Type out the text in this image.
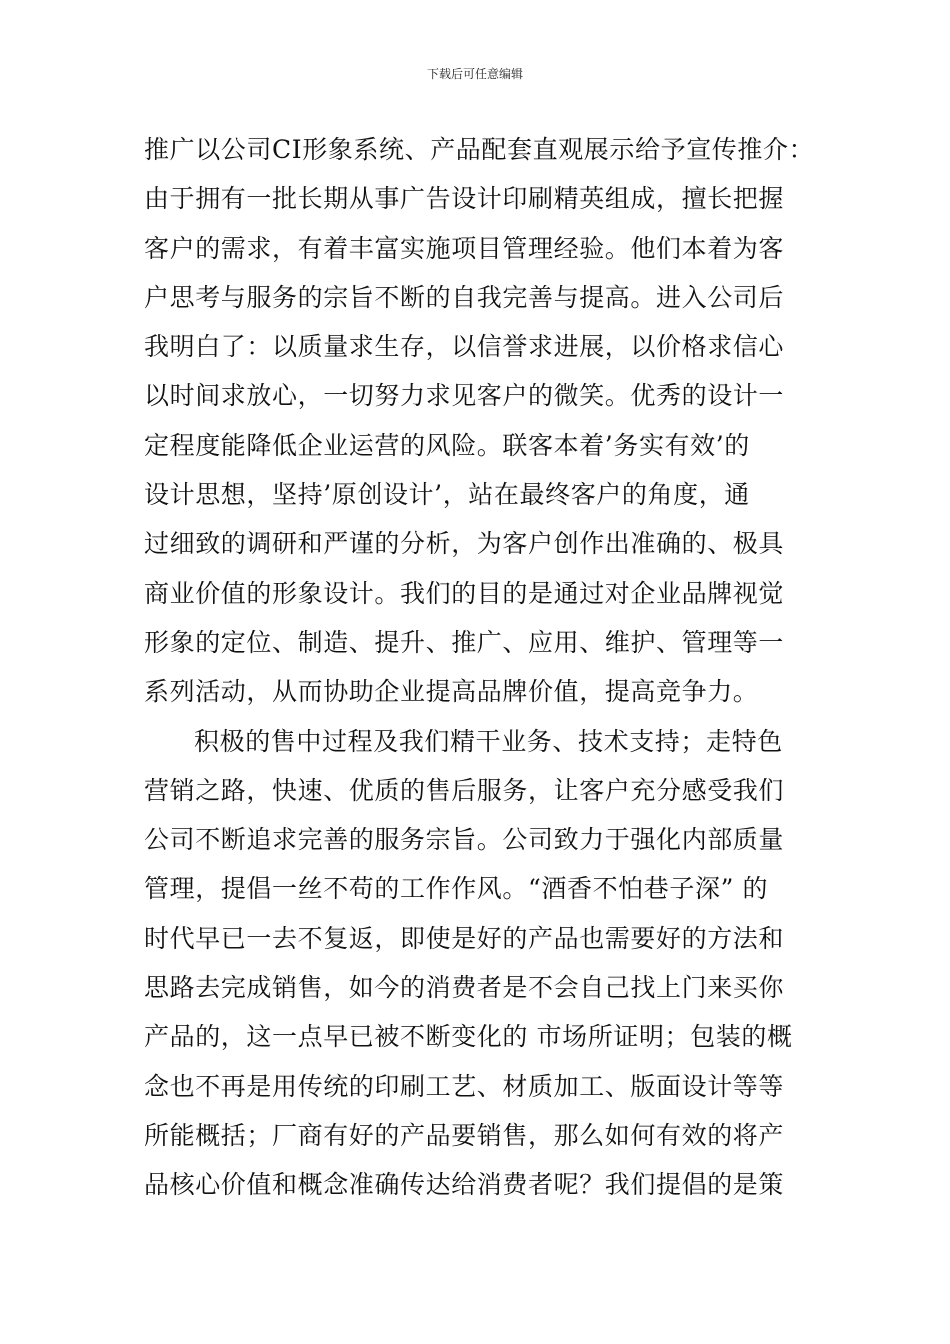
下载后可任意编辑
推广以公司CI形象系统、产品配套直观展示给予宣传推介：
由于拥有一批长期从事广告设计印刷精英组成，擅长把握
客户的需求，有着丰富实施项目管理经验。他们本着为客
户思考与服务的宗旨不断的自我完善与提高。进入公司后
我明白了：以质量求生存，以信誉求进展，以价格求信心
以时间求放心，一切努力求见客户的微笑。优秀的设计一
定程度能降低企业运营的风险。联客本着’务实有效’的
设计思想，坚持’原创设计’，站在最终客户的角度，通
过细致的调研和严谨的分析，为客户创作出准确的、极具
商业价值的形象设计。我们的目的是通过对企业品牌视觉
形象的定位、制造、提升、推广、应用、维护、管理等一
系列活动，从而协助企业提高品牌价值，提高竞争力。
积极的售中过程及我们精干业务、技术支持；走特色
营销之路，快速、优质的售后服务，让客户充分感受我们
公司不断追求完善的服务宗旨。公司致力于强化内部质量
管理，提倡一丝不苟的工作作风。“酒香不怕巷子深” 的
时代早已一去不复返，即使是好的产品也需要好的方法和
思路去完成销售，如今的消费者是不会自己找上门来买你
产品的，这一点早已被不断变化的 市场所证明；包装的概
念也不再是用传统的印刷工艺、材质加工、版面设计等等
所能概括；厂商有好的产品要销售，那么如何有效的将产
品核心价值和概念准确传达给消费者呢？我们提倡的是策
